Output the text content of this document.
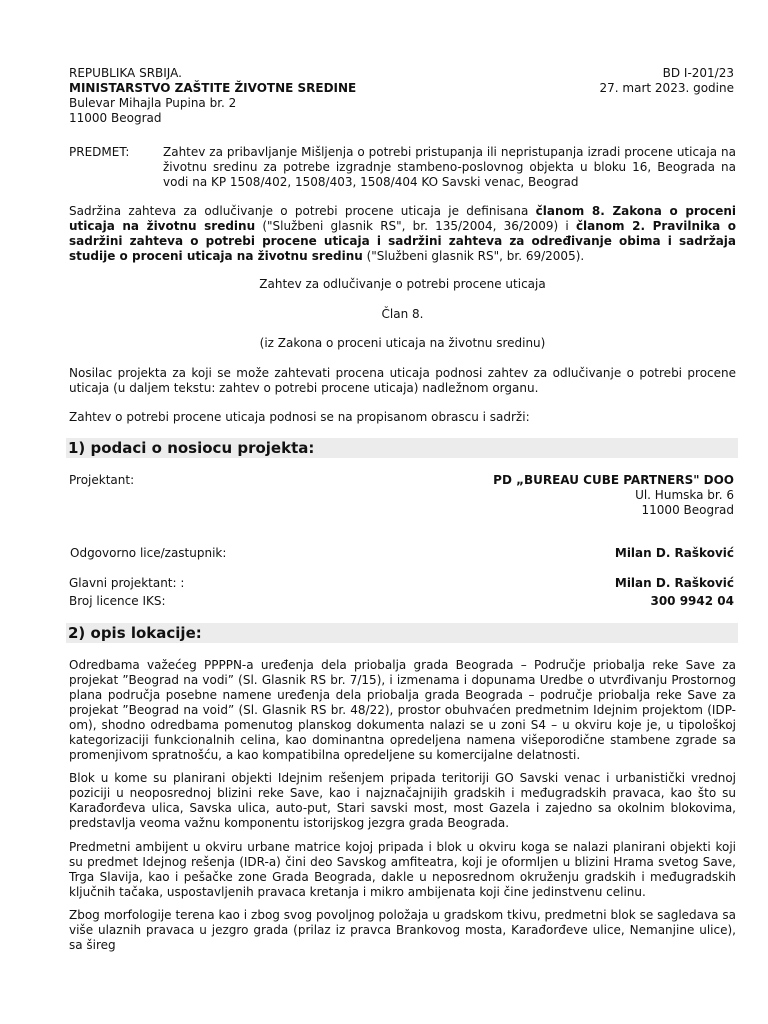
REPUBLIKA SRBIJA.
MINISTARSTVO ZAŠTITE ŽIVOTNE SREDINE
Bulevar Mihajla Pupina br. 2
11000 Beograd
BD I-201/23
27. mart 2023. godine
PREDMET:	Zahtev za pribavljanje Mišljenja o potrebi pristupanja ili nepristupanja izradi procene uticaja na životnu sredinu za potrebe izgradnje stambeno-poslovnog objekta u bloku 16, Beograda na vodi na KP 1508/402, 1508/403, 1508/404 KO Savski venac, Beograd

Sadržina zahteva za odlučivanje o potrebi procene uticaja je definisana članom 8. Zakona o proceni uticaja na životnu sredinu ("Službeni glasnik RS", br. 135/2004, 36/2009) i članom 2. Pravilnika o sadržini zahteva o potrebi procene uticaja i sadržini zahteva za određivanje obima i sadržaja studije o proceni uticaja na životnu sredinu ("Službeni glasnik RS", br. 69/2005).

Zahtev za odlučivanje o potrebi procene uticaja
Član 8.
(iz Zakona o proceni uticaja na životnu sredinu)

Nosilac projekta za koji se može zahtevati procena uticaja podnosi zahtev za odlučivanje o potrebi procene uticaja (u daljem tekstu: zahtev o potrebi procene uticaja) nadležnom organu.

Zahtev o potrebi procene uticaja podnosi se na propisanom obrascu i sadrži:

1) podaci o nosiocu projekta:
Projektant:	PD „BUREAU CUBE PARTNERS" DOO
Ul. Humska br. 6
11000 Beograd
Odgovorno lice/zastupnik:	Milan D. Rašković
Glavni projektant: :	Milan D. Rašković
Broj licence IKS:	300 9942 04
2) opis lokacije:

Odredbama važećeg PPPPN-a uređenja dela priobalja grada Beograda – Područje priobalja reke Save za projekat ”Beograd na vodi” (Sl. Glasnik RS br. 7/15), i izmenama i dopunama Uredbe o utvrđivanju Prostornog plana područja posebne namene uređenja dela priobalja grada Beograda – područje priobalja reke Save za projekat ”Beograd na void” (Sl. Glasnik RS br. 48/22), prostor obuhvaćen predmetnim Idejnim projektom (IDP-om), shodno odredbama pomenutog planskog dokumenta nalazi se u zoni S4 – u okviru koje je, u tipološkoj kategorizaciji funkcionalnih celina, kao dominantna opredeljena namena višeporodične stambene zgrade sa promenjivom spratnošću, a kao kompatibilna opredeljene su komercijalne delatnosti.

Blok u kome su planirani objekti Idejnim rešenjem pripada teritoriji GO Savski venac i urbanistički vrednoj poziciji u neoposrednoj blizini reke Save, kao i najznačajnijih gradskih i međugradskih pravaca, kao što su Karađorđeva ulica, Savska ulica, auto-put, Stari savski most, most Gazela i zajedno sa okolnim blokovima, predstavlja veoma važnu komponentu istorijskog jezgra grada Beograda.

Predmetni ambijent u okviru urbane matrice kojoj pripada i blok u okviru koga se nalazi planirani objekti koji su predmet Idejnog rešenja (IDR-a) čini deo Savskog amfiteatra, koji je oformljen u blizini Hrama svetog Save, Trga Slavija, kao i pešačke zone Grada Beograda, dakle u neposrednom okruženju gradskih i međugradskih ključnih tačaka, uspostavljenih pravaca kretanja i mikro ambijenata koji čine jedinstvenu celinu.

Zbog morfologije terena kao i zbog svog povoljnog položaja u gradskom tkivu, predmetni blok se sagledava sa više ulaznih pravaca u jezgro grada (prilaz iz pravca Brankovog mosta, Karađorđeve ulice, Nemanjine ulice), sa šireg
